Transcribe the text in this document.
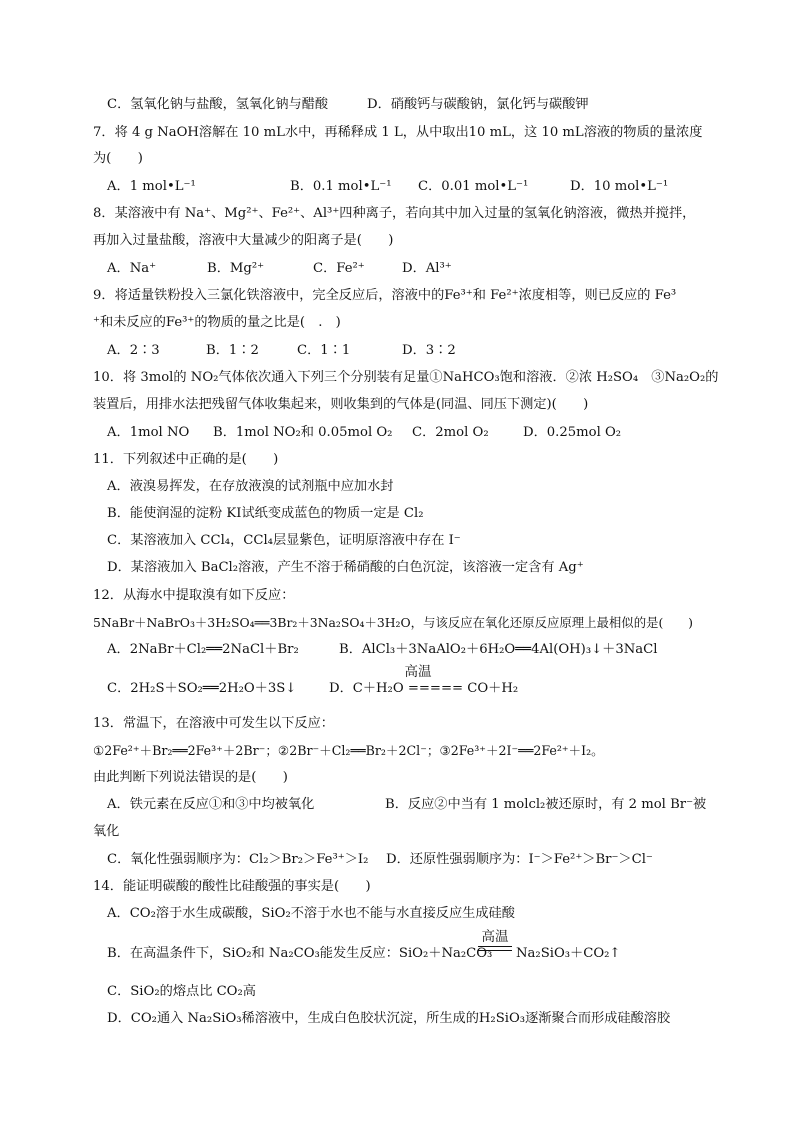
C．氢氧化钠与盐酸，氢氧化钠与醋酸	D．硝酸钙与碳酸钠，氯化钙与碳酸钾
7．将 4 g NaOH溶解在 10 mL水中，再稀释成 1 L，从中取出10 mL，这 10 mL溶液的物质的量浓度
为(　　)
A．1 mol•L⁻¹	B．0.1 mol•L⁻¹ C．0.01 mol•L⁻¹	D．10 mol•L⁻¹
8．某溶液中有 Na⁺、Mg²⁺、Fe²⁺、Al³⁺四种离子，若向其中加入过量的氢氧化钠溶液，微热并搅拌，
再加入过量盐酸，溶液中大量减少的阳离子是(　　)
A．Na⁺	B．Mg²⁺	C．Fe²⁺	D．Al³⁺
9．将适量铁粉投入三氯化铁溶液中，完全反应后，溶液中的Fe³⁺和 Fe²⁺浓度相等，则已反应的 Fe³
⁺和未反应的Fe³⁺的物质的量之比是(　.　)
A．2∶3	B．1∶2	C．1∶1	D．3∶2
10．将 3mol的 NO₂气体依次通入下列三个分别装有足量①NaHCO₃饱和溶液．②浓 H₂SO₄　③Na₂O₂的
装置后，用排水法把残留气体收集起来，则收集到的气体是(同温、同压下测定)(　　)
A．1mol NO B．1mol NO₂和 0.05mol O₂ C．2mol O₂	D．0.25mol O₂
11．下列叙述中正确的是(　　)
A．液溴易挥发，在存放液溴的试剂瓶中应加水封
B．能使润湿的淀粉 KI试纸变成蓝色的物质一定是 Cl₂
C．某溶液加入 CCl₄，CCl₄层显紫色，证明原溶液中存在 I⁻
D．某溶液加入 BaCl₂溶液，产生不溶于稀硝酸的白色沉淀，该溶液一定含有 Ag⁺
12．从海水中提取溴有如下反应：
5NaBr＋NaBrO₃＋3H₂SO₄══3Br₂＋3Na₂SO₄＋3H₂O，与该反应在氧化还原反应原理上最相似的是(　　)
A．2NaBr＋Cl₂══2NaCl＋Br₂	B．AlCl₃＋3NaAlO₂＋6H₂O══4Al(OH)₃↓＋3NaCl
C．2H₂S＋SO₂══2H₂O＋3S↓
高温
D．C＋H₂O ===== CO＋H₂
13．常温下，在溶液中可发生以下反应：
①2Fe²⁺＋Br₂══2Fe³⁺＋2Br⁻；②2Br⁻＋Cl₂══Br₂＋2Cl⁻；③2Fe³⁺＋2I⁻══2Fe²⁺＋I₂。
由此判断下列说法错误的是(　　)
A．铁元素在反应①和③中均被氧化	B．反应②中当有 1 molcl₂被还原时，有 2 mol Br⁻被
氧化
C．氧化性强弱顺序为：Cl₂＞Br₂＞Fe³⁺＞I₂ D．还原性强弱顺序为：I⁻＞Fe²⁺＞Br⁻＞Cl⁻
14．能证明碳酸的酸性比硅酸强的事实是(　　)
A．CO₂溶于水生成碳酸，SiO₂不溶于水也不能与水直接反应生成硅酸
B．在高温条件下，SiO₂和 Na₂CO₃能发生反应：SiO₂＋Na₂CO₃
高温
Na₂SiO₃＋CO₂↑
C．SiO₂的熔点比 CO₂高
D．CO₂通入 Na₂SiO₃稀溶液中，生成白色胶状沉淀，所生成的H₂SiO₃逐渐聚合而形成硅酸溶胶
